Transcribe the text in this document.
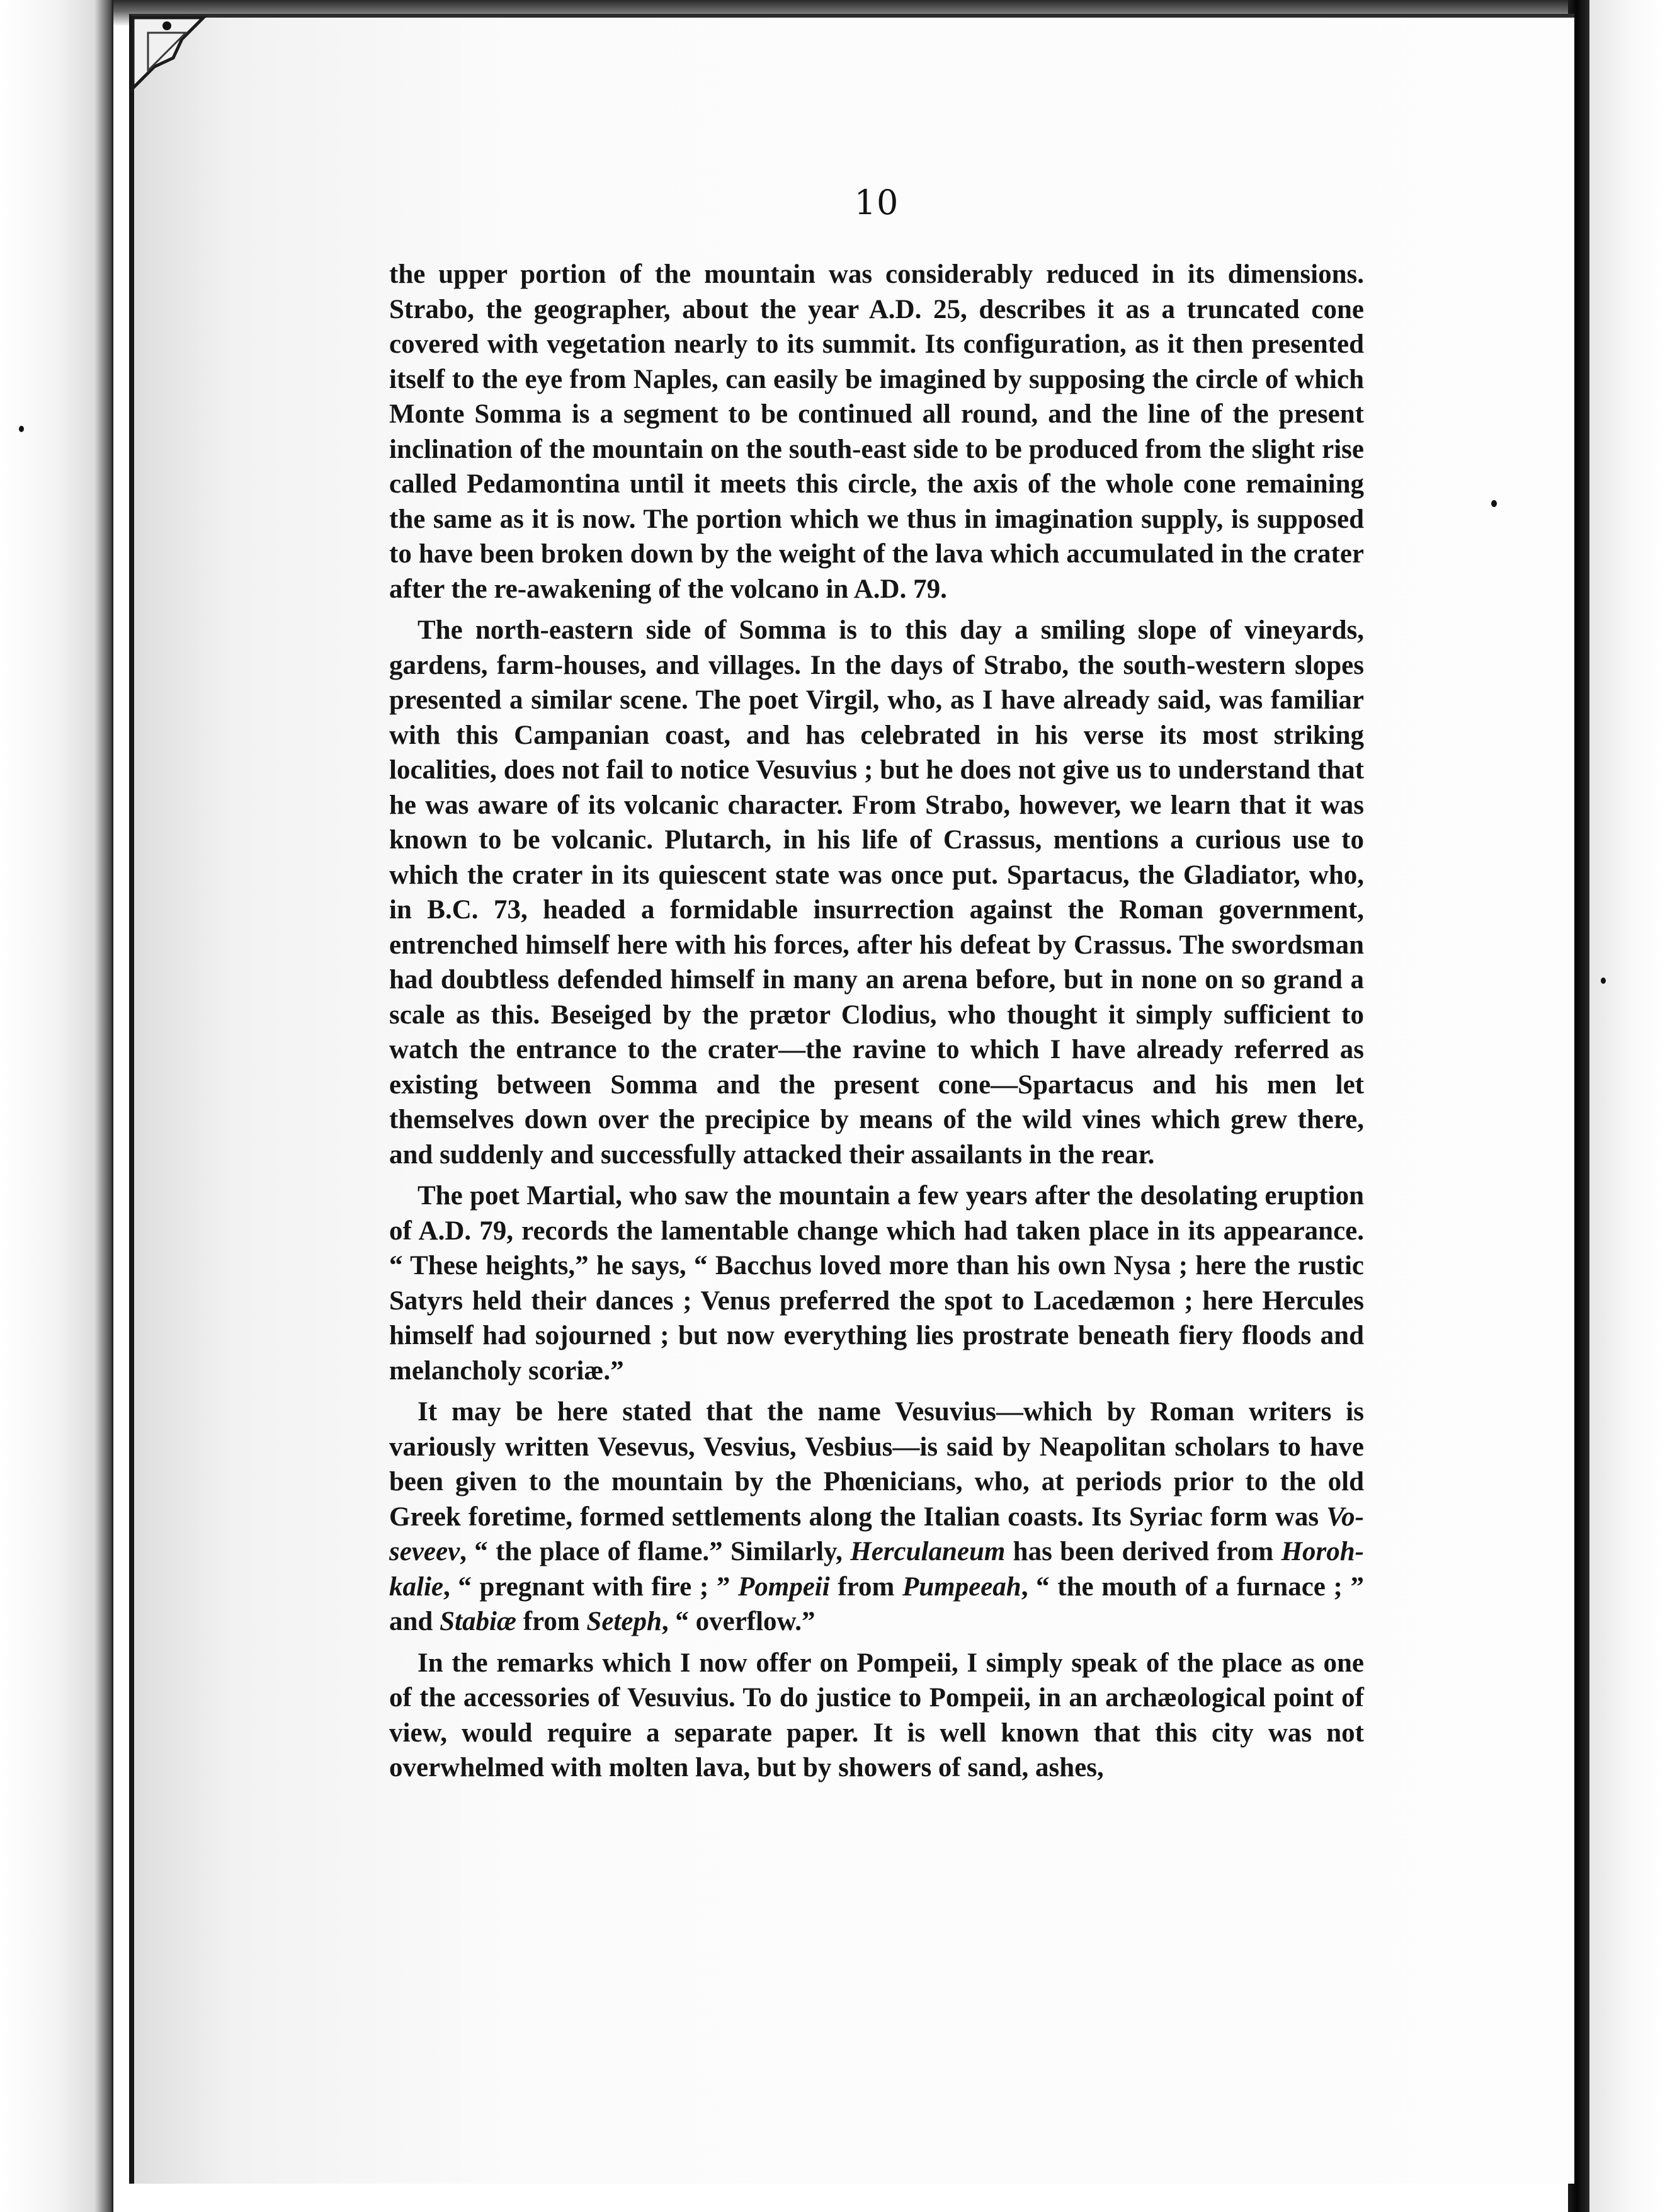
10

the upper portion of the mountain was considerably reduced in its dimensions. Strabo, the geographer, about the year A.D. 25, describes it as a truncated cone covered with vegetation nearly to its summit. Its configuration, as it then presented itself to the eye from Naples, can easily be imagined by supposing the circle of which Monte Somma is a segment to be continued all round, and the line of the present inclination of the mountain on the south-east side to be produced from the slight rise called Pedamontina until it meets this circle, the axis of the whole cone remaining the same as it is now. The portion which we thus in imagination supply, is supposed to have been broken down by the weight of the lava which accumulated in the crater after the re-awakening of the volcano in A.D. 79.

The north-eastern side of Somma is to this day a smiling slope of vineyards, gardens, farm-houses, and villages. In the days of Strabo, the south-western slopes presented a similar scene. The poet Virgil, who, as I have already said, was familiar with this Campanian coast, and has celebrated in his verse its most striking localities, does not fail to notice Vesuvius ; but he does not give us to understand that he was aware of its volcanic character. From Strabo, however, we learn that it was known to be volcanic. Plutarch, in his life of Crassus, mentions a curious use to which the crater in its quiescent state was once put. Spartacus, the Gladiator, who, in B.C. 73, headed a formidable insurrection against the Roman government, entrenched himself here with his forces, after his defeat by Crassus. The swordsman had doubtless defended himself in many an arena before, but in none on so grand a scale as this. Beseiged by the prætor Clodius, who thought it simply sufficient to watch the entrance to the crater—the ravine to which I have already referred as existing between Somma and the present cone—Spartacus and his men let themselves down over the precipice by means of the wild vines which grew there, and suddenly and successfully attacked their assailants in the rear.

The poet Martial, who saw the mountain a few years after the desolating eruption of A.D. 79, records the lamentable change which had taken place in its appearance. “ These heights,” he says, “ Bacchus loved more than his own Nysa ; here the rustic Satyrs held their dances ; Venus preferred the spot to Lacedæmon ; here Hercules himself had sojourned ; but now everything lies prostrate beneath fiery floods and melancholy scoriæ.”

It may be here stated that the name Vesuvius—which by Roman writers is variously written Vesevus, Vesvius, Vesbius—is said by Neapolitan scholars to have been given to the mountain by the Phœnicians, who, at periods prior to the old Greek foretime, formed settlements along the Italian coasts. Its Syriac form was Vo-seveev, “ the place of flame.” Similarly, Herculaneum has been derived from Horoh-kalie, “ pregnant with fire ; ” Pompeii from Pumpeeah, “ the mouth of a furnace ; ” and Stabiæ from Seteph, “ overflow.”

In the remarks which I now offer on Pompeii, I simply speak of the place as one of the accessories of Vesuvius. To do justice to Pompeii, in an archæological point of view, would require a separate paper. It is well known that this city was not overwhelmed with molten lava, but by showers of sand, ashes,
